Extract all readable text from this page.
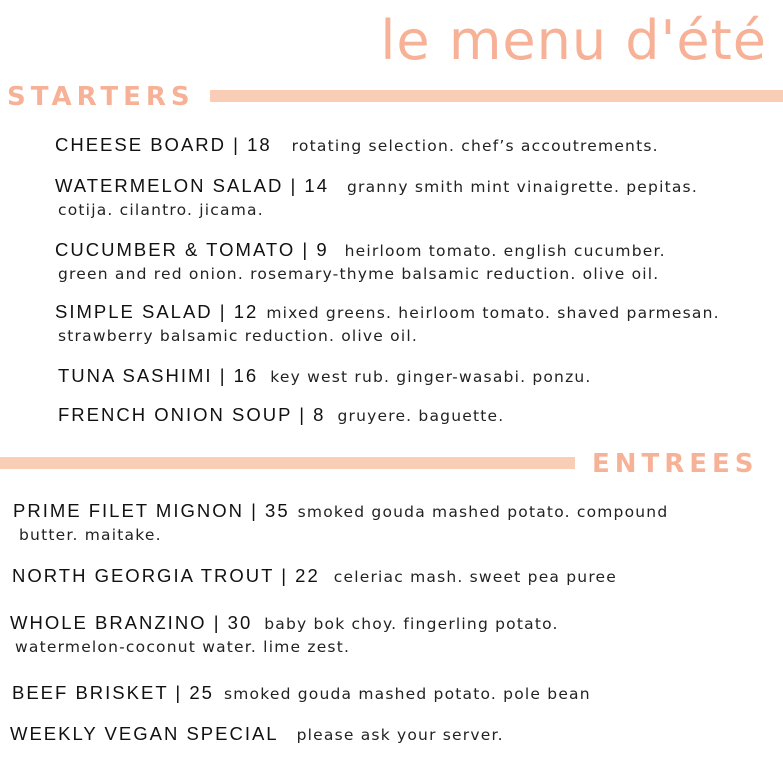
le menu d'été
STARTERS
CHEESE BOARD | 18 rotating selection. chef’s accoutrements.
WATERMELON SALAD | 14 granny smith mint vinaigrette. pepitas.
cotija. cilantro. jicama.
CUCUMBER & TOMATO | 9 heirloom tomato. english cucumber.
green and red onion. rosemary-thyme balsamic reduction. olive oil.
SIMPLE SALAD | 12 mixed greens. heirloom tomato. shaved parmesan.
strawberry balsamic reduction. olive oil.
TUNA SASHIMI | 16 key west rub. ginger-wasabi. ponzu.
FRENCH ONION SOUP | 8 gruyere. baguette.
ENTREES
PRIME FILET MIGNON | 35 smoked gouda mashed potato. compound
butter. maitake.
NORTH GEORGIA TROUT | 22 celeriac mash. sweet pea puree
WHOLE BRANZINO | 30 baby bok choy. fingerling potato.
watermelon-coconut water. lime zest.
BEEF BRISKET | 25 smoked gouda mashed potato. pole bean
WEEKLY VEGAN SPECIAL please ask your server.
